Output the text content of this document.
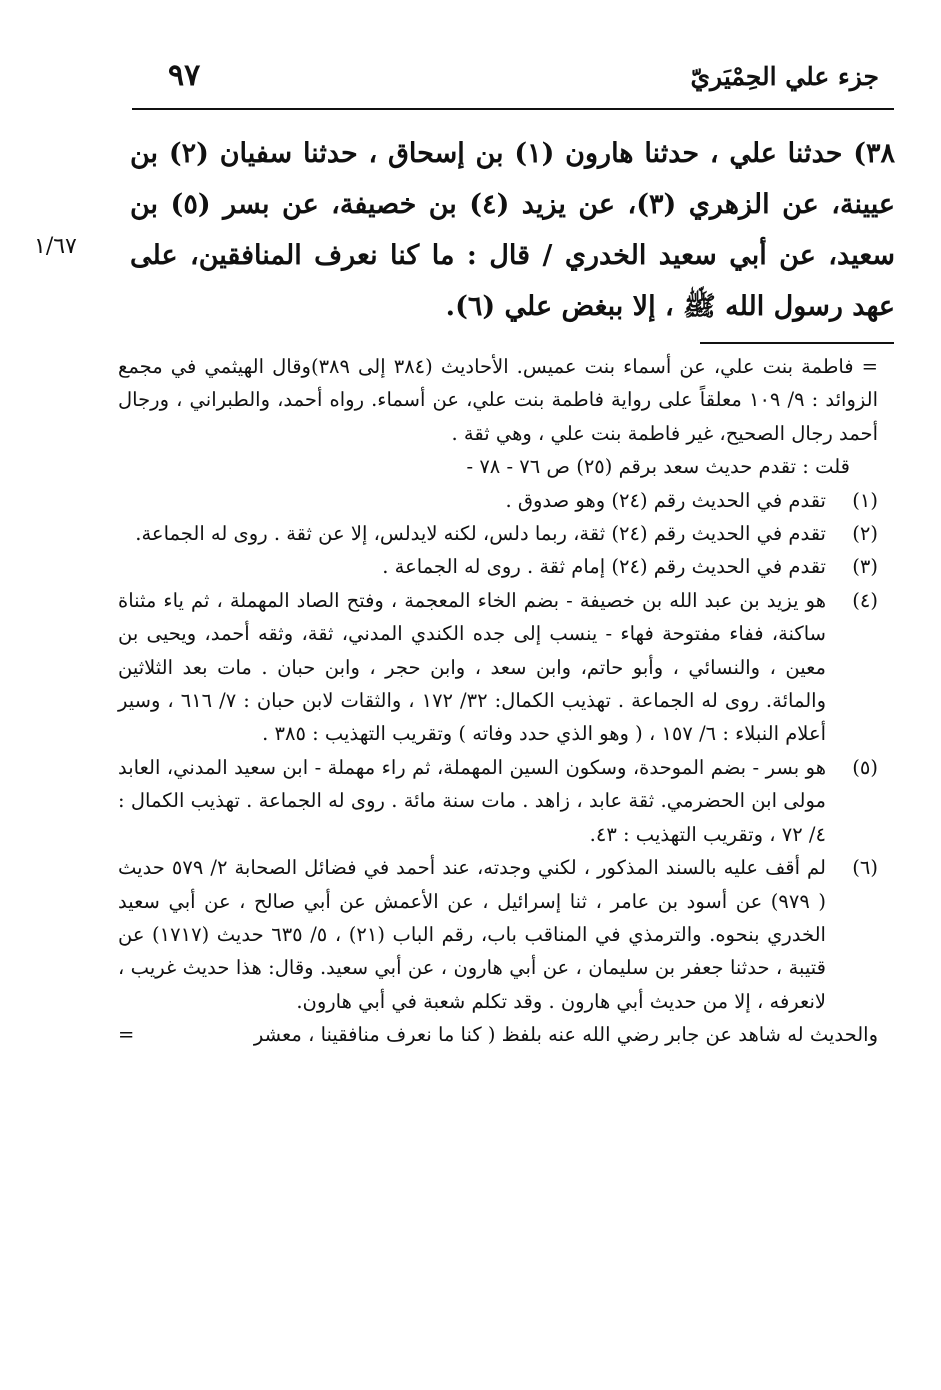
جزء علي الحِمْيَريّ
٩٧
٣٨) حدثنا علي ، حدثنا هارون (١) بن إسحاق ، حدثنا سفيان (٢) بن عيينة، عن الزهري (٣)، عن يزيد (٤) بن خصيفة، عن بسر (٥) بن سعيد، عن أبي سعيد الخدري / قال : ما كنا نعرف المنافقين، على عهد رسول الله ﷺ ، إلا ببغض علي (٦).
١/٦٧

= فاطمة بنت علي، عن أسماء بنت عميس. الأحاديث (٣٨٤ إلى ٣٨٩)وقال الهيثمي في مجمع الزوائد : ٩/ ١٠٩ معلقاً على رواية فاطمة بنت علي، عن أسماء. رواه أحمد، والطبراني ، ورجال أحمد رجال الصحيح، غير فاطمة بنت علي ، وهي ثقة .

قلت : تقدم حديث سعد برقم (٢٥) ص ٧٦ - ٧٨ -

(١)
تقدم في الحديث رقم (٢٤) وهو صدوق .
(٢)
تقدم في الحديث رقم (٢٤) ثقة، ربما دلس، لكنه لايدلس، إلا عن ثقة . روى له الجماعة.
(٣)
تقدم في الحديث رقم (٢٤) إمام ثقة . روى له الجماعة .
(٤)
هو يزيد بن عبد الله بن خصيفة - بضم الخاء المعجمة ، وفتح الصاد المهملة ، ثم ياء مثناة ساكنة، ففاء مفتوحة فهاء - ينسب إلى جده الكندي المدني، ثقة، وثقه أحمد، ويحيى بن معين ، والنسائي ، وأبو حاتم، وابن سعد ، وابن حجر ، وابن حبان . مات بعد الثلاثين والمائة. روى له الجماعة . تهذيب الكمال: ٣٢/ ١٧٢ ، والثقات لابن حبان : ٧/ ٦١٦ ، وسير أعلام النبلاء : ٦/ ١٥٧ ، ( وهو الذي حدد وفاته ) وتقريب التهذيب : ٣٨٥ .
(٥)
هو بسر - بضم الموحدة، وسكون السين المهملة، ثم راء مهملة - ابن سعيد المدني، العابد مولى ابن الحضرمي. ثقة عابد ، زاهد . مات سنة مائة . روى له الجماعة . تهذيب الكمال : ٤/ ٧٢ ، وتقريب التهذيب : ٤٣.
(٦)
لم أقف عليه بالسند المذكور ، لكني وجدته، عند أحمد في فضائل الصحابة ٢/ ٥٧٩ حديث ( ٩٧٩) عن أسود بن عامر ، ثنا إسرائيل ، عن الأعمش عن أبي صالح ، عن أبي سعيد الخدري بنحوه. والترمذي في المناقب باب، رقم الباب (٢١) ، ٥/ ٦٣٥ حديث (١٧١٧) عن قتيبة ، حدثنا جعفر بن سليمان ، عن أبي هارون ، عن أبي سعيد. وقال: هذا حديث غريب ، لانعرفه ، إلا من حديث أبي هارون . وقد تكلم شعبة في أبي هارون.
والحديث له شاهد عن جابر رضي الله عنه بلفظ ( كنا ما نعرف منافقينا ، معشر
=
